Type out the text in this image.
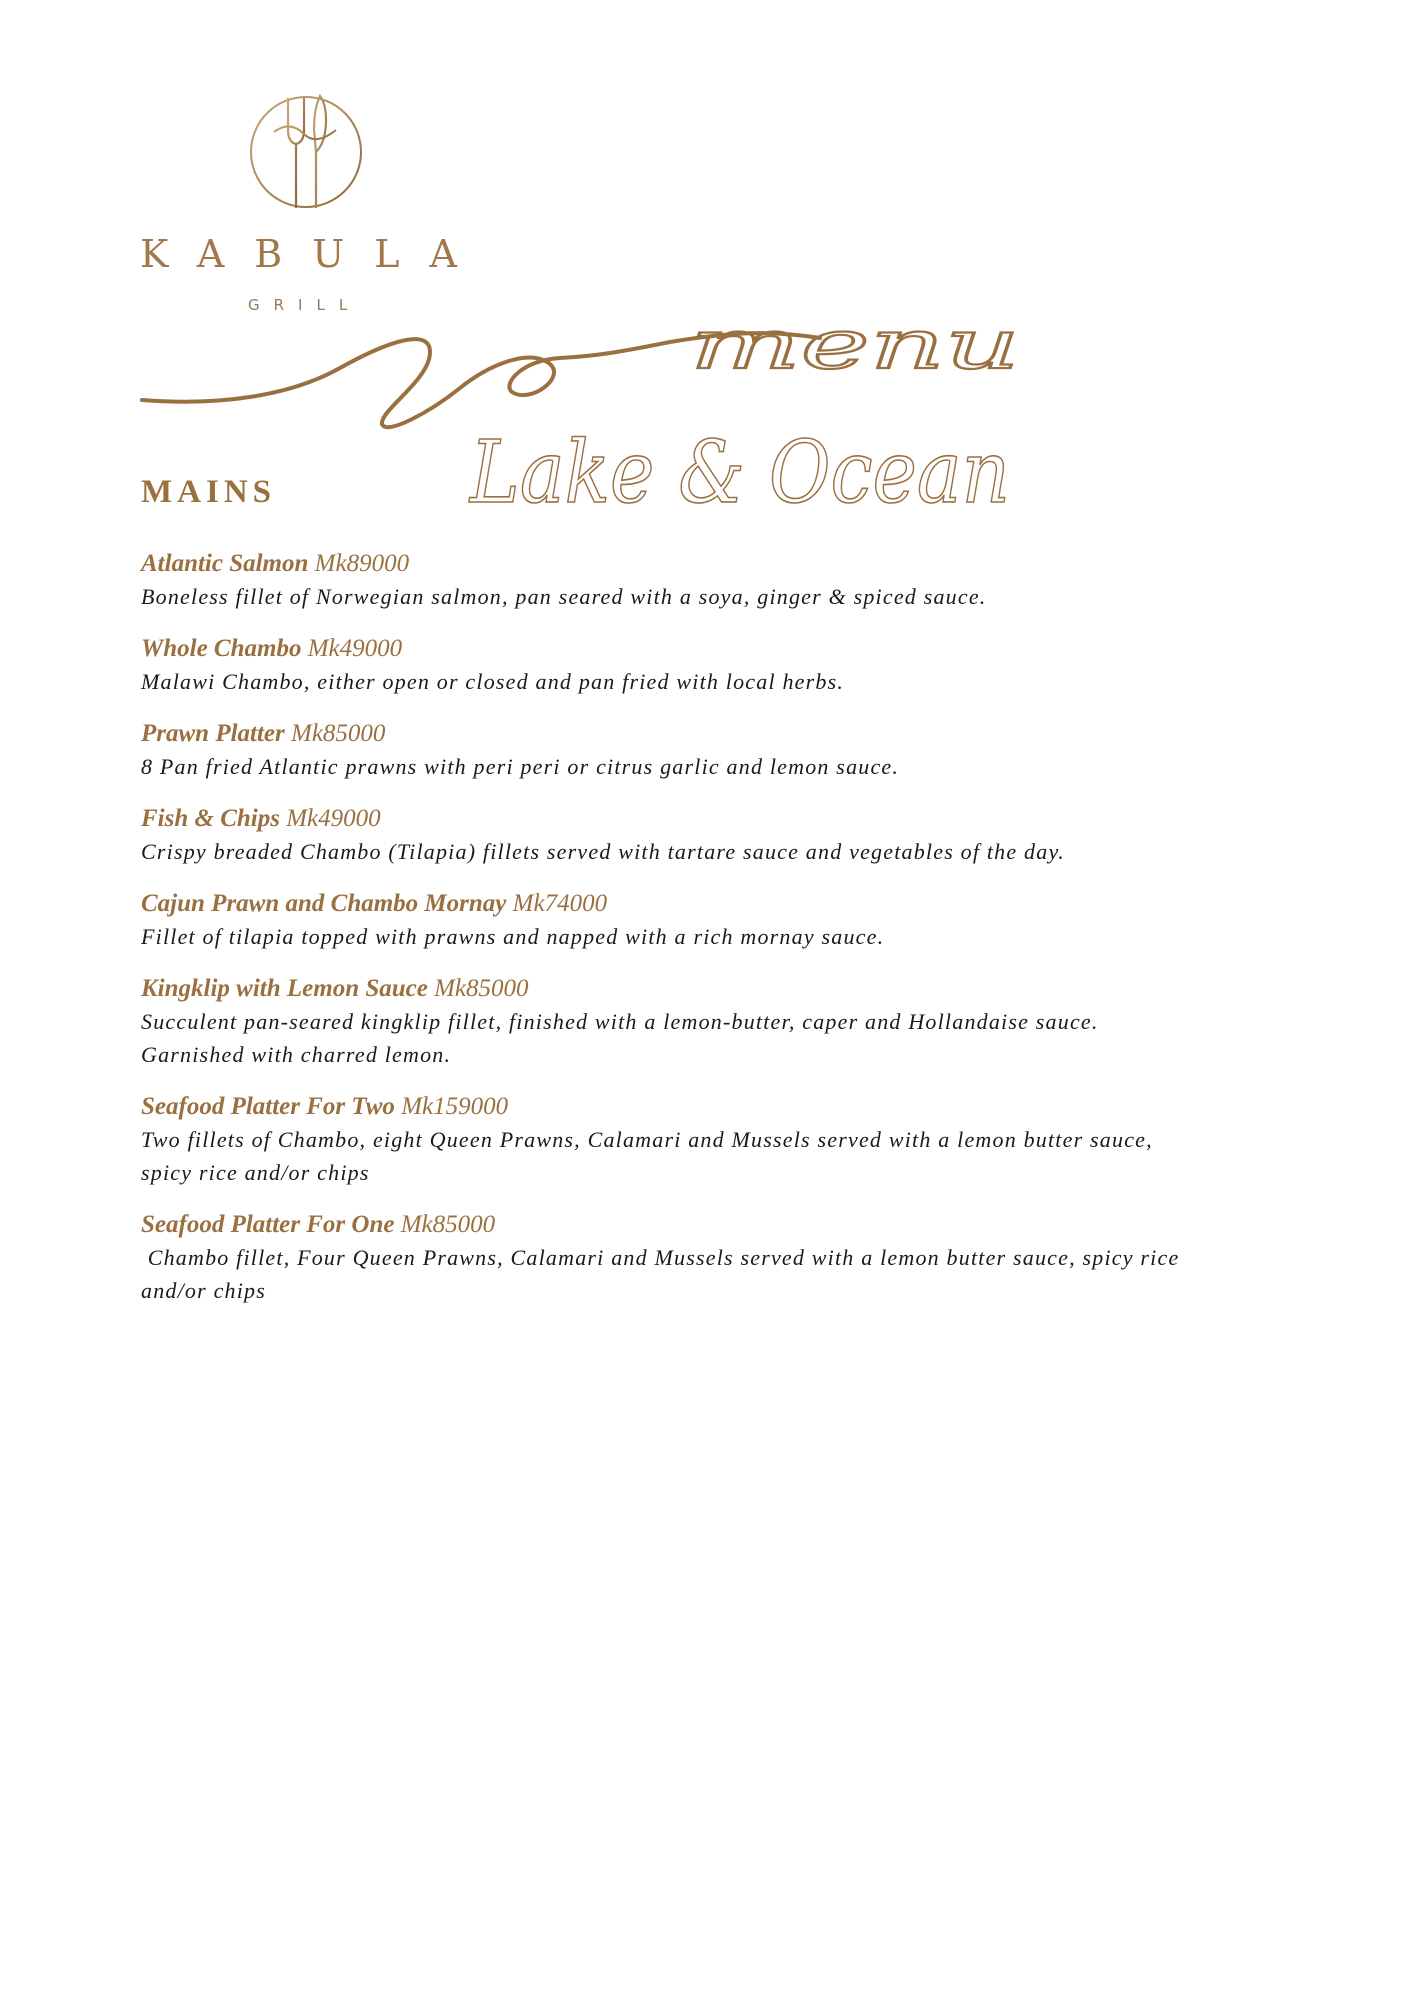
KABULA
GRILL
menu
Lake & Ocean
MAINS
Atlantic Salmon Mk89000
Boneless fillet of Norwegian salmon, pan seared with a soya, ginger & spiced sauce.
Whole Chambo Mk49000
Malawi Chambo, either open or closed and pan fried with local herbs.
Prawn Platter Mk85000
8 Pan fried Atlantic prawns with peri peri or citrus garlic and lemon sauce.
Fish & Chips Mk49000
Crispy breaded Chambo (Tilapia) fillets served with tartare sauce and vegetables of the day.
Cajun Prawn and Chambo Mornay Mk74000
Fillet of tilapia topped with prawns and napped with a rich mornay sauce.
Kingklip with Lemon Sauce Mk85000
Succulent pan-seared kingklip fillet, finished with a lemon-butter, caper and Hollandaise sauce.
Garnished with charred lemon.
Seafood Platter For Two Mk159000
Two fillets of Chambo, eight Queen Prawns, Calamari and Mussels served with a lemon butter sauce,
spicy rice and/or chips
Seafood Platter For One Mk85000
Chambo fillet, Four Queen Prawns, Calamari and Mussels served with a lemon butter sauce, spicy rice
and/or chips
